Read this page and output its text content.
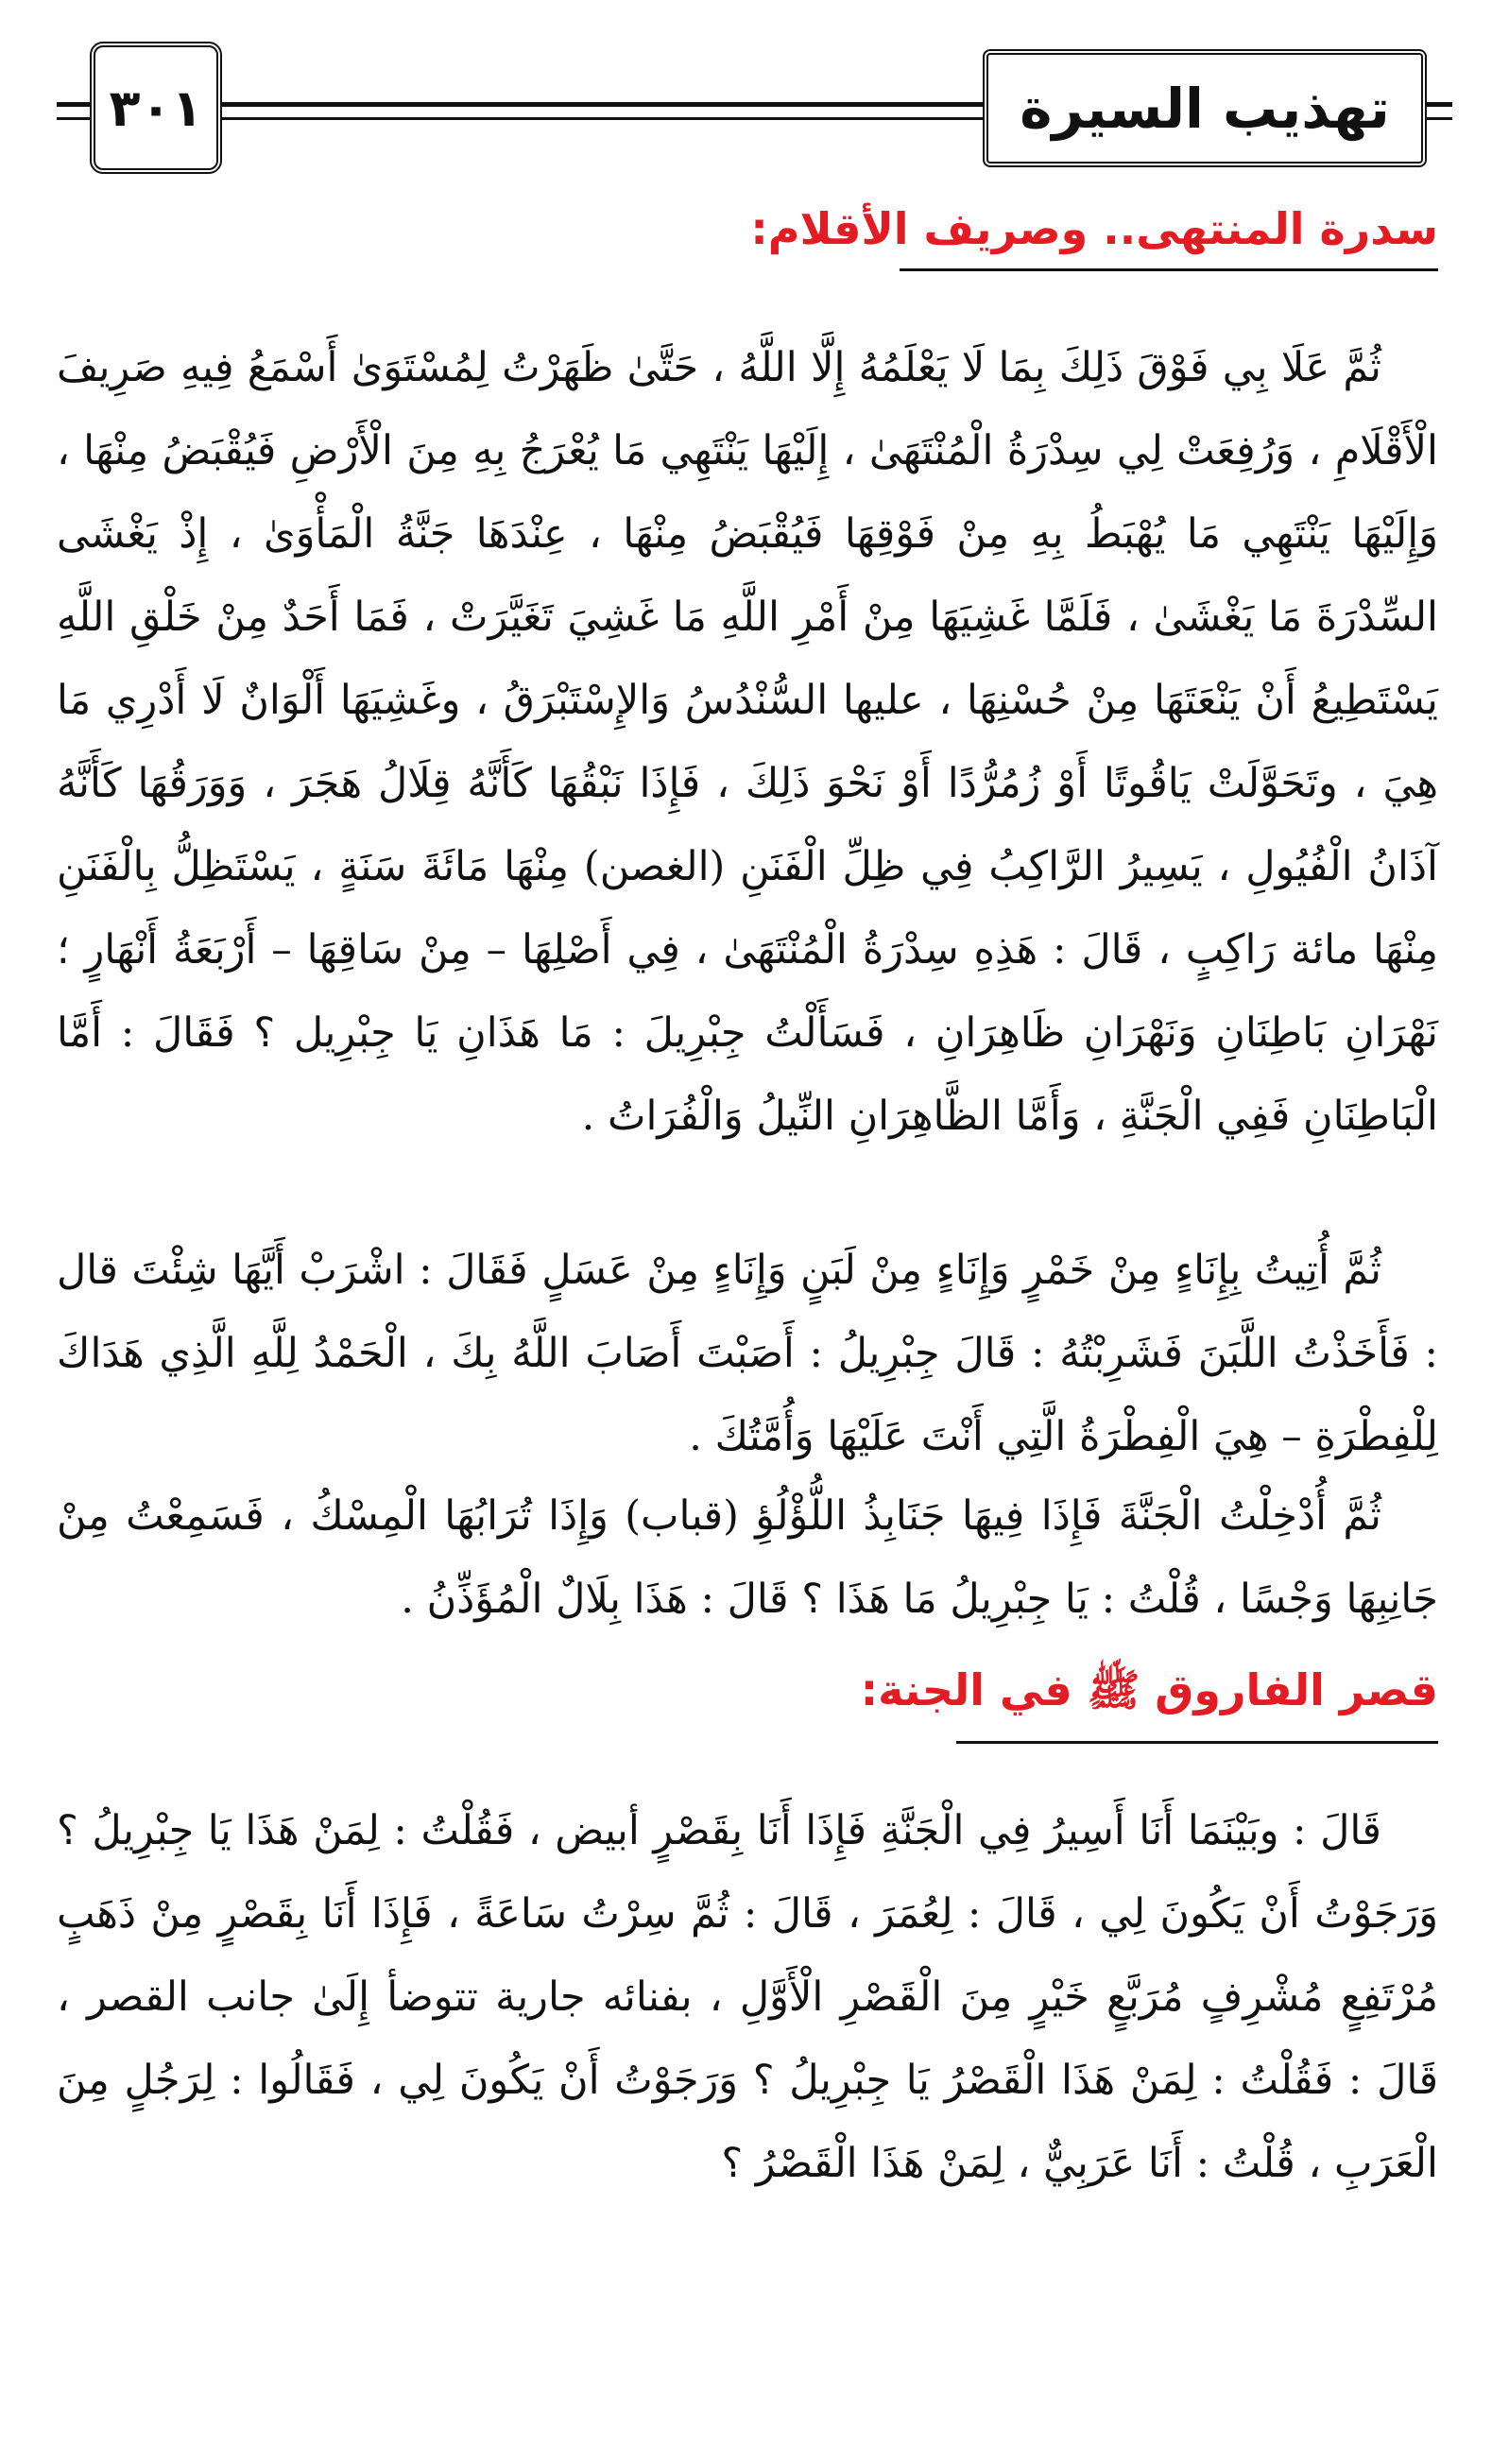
٣٠١	تهذيب السيرة
سدرة المنتهى.. وصريف الأقلام:
ثُمَّ عَلَا بِي فَوْقَ ذَلِكَ بِمَا لَا يَعْلَمُهُ إِلَّا اللَّهُ ، حَتَّىٰ ظَهَرْتُ لِمُسْتَوَىٰ أَسْمَعُ فِيهِ صَرِيفَ الْأَقْلَامِ ، وَرُفِعَتْ لِي سِدْرَةُ الْمُنْتَهَىٰ ، إِلَيْهَا يَنْتَهِي مَا يُعْرَجُ بِهِ مِنَ الْأَرْضِ فَيُقْبَضُ مِنْهَا ، وَإِلَيْهَا يَنْتَهِي مَا يُهْبَطُ بِهِ مِنْ فَوْقِهَا فَيُقْبَضُ مِنْهَا ، عِنْدَهَا جَنَّةُ الْمَأْوَىٰ ، إِذْ يَغْشَى السِّدْرَةَ مَا يَغْشَىٰ ، فَلَمَّا غَشِيَهَا مِنْ أَمْرِ اللَّهِ مَا غَشِيَ تَغَيَّرَتْ ، فَمَا أَحَدٌ مِنْ خَلْقِ اللَّهِ يَسْتَطِيعُ أَنْ يَنْعَتَهَا مِنْ حُسْنِهَا ، عليها السُّنْدُسُ وَالإِسْتَبْرَقُ ، وغَشِيَهَا أَلْوَانٌ لَا أَدْرِي مَا هِيَ ، وتَحَوَّلَتْ يَاقُوتًا أَوْ زُمُرُّدًا أَوْ نَحْوَ ذَلِكَ ، فَإِذَا نَبْقُهَا كَأَنَّهُ قِلَالُ هَجَرَ ، وَوَرَقُهَا كَأَنَّهُ آذَانُ الْفُيُولِ ، يَسِيرُ الرَّاكِبُ فِي ظِلِّ الْفَنَنِ (الغصن) مِنْهَا مَائَةَ سَنَةٍ ، يَسْتَظِلُّ بِالْفَنَنِ مِنْهَا مائة رَاكِبٍ ، قَالَ : هَذِهِ سِدْرَةُ الْمُنْتَهَىٰ ، فِي أَصْلِهَا – مِنْ سَاقِهَا – أَرْبَعَةُ أَنْهَارٍ ؛ نَهْرَانِ بَاطِنَانِ وَنَهْرَانِ ظَاهِرَانِ ، فَسَأَلْتُ جِبْرِيلَ : مَا هَذَانِ يَا جِبْرِيل ؟ فَقَالَ : أَمَّا الْبَاطِنَانِ فَفِي الْجَنَّةِ ، وَأَمَّا الظَّاهِرَانِ النِّيلُ وَالْفُرَاتُ .
ثُمَّ أُتِيتُ بِإِنَاءٍ مِنْ خَمْرٍ وَإِنَاءٍ مِنْ لَبَنٍ وَإِنَاءٍ مِنْ عَسَلٍ فَقَالَ : اشْرَبْ أَيَّهَا شِئْتَ قال : فَأَخَذْتُ اللَّبَنَ فَشَرِبْتُهُ : قَالَ جِبْرِيلُ : أَصَبْتَ أَصَابَ اللَّهُ بِكَ ، الْحَمْدُ لِلَّهِ الَّذِي هَدَاكَ لِلْفِطْرَةِ – هِيَ الْفِطْرَةُ الَّتِي أَنْتَ عَلَيْهَا وَأُمَّتُكَ .
ثُمَّ أُدْخِلْتُ الْجَنَّةَ فَإِذَا فِيهَا جَنَابِذُ اللُّؤْلُؤِ (قباب) وَإِذَا تُرَابُهَا الْمِسْكُ ، فَسَمِعْتُ مِنْ جَانِبِهَا وَجْسًا ، قُلْتُ : يَا جِبْرِيلُ مَا هَذَا ؟ قَالَ : هَذَا بِلَالٌ الْمُؤَذِّنُ .
قصر الفاروق ﷺ في الجنة:
قَالَ : وبَيْنَمَا أَنَا أَسِيرُ فِي الْجَنَّةِ فَإِذَا أَنَا بِقَصْرٍ أبيض ، فَقُلْتُ : لِمَنْ هَذَا يَا جِبْرِيلُ ؟ وَرَجَوْتُ أَنْ يَكُونَ لِي ، قَالَ : لِعُمَرَ ، قَالَ : ثُمَّ سِرْتُ سَاعَةً ، فَإِذَا أَنَا بِقَصْرٍ مِنْ ذَهَبٍ مُرْتَفِعٍ مُشْرِفٍ مُرَبَّعٍ خَيْرٍ مِنَ الْقَصْرِ الْأَوَّلِ ، بفنائه جارية تتوضأ إِلَىٰ جانب القصر ، قَالَ : فَقُلْتُ : لِمَنْ هَذَا الْقَصْرُ يَا جِبْرِيلُ ؟ وَرَجَوْتُ أَنْ يَكُونَ لِي ، فَقَالُوا : لِرَجُلٍ مِنَ الْعَرَبِ ، قُلْتُ : أَنَا عَرَبِيٌّ ، لِمَنْ هَذَا الْقَصْرُ ؟
